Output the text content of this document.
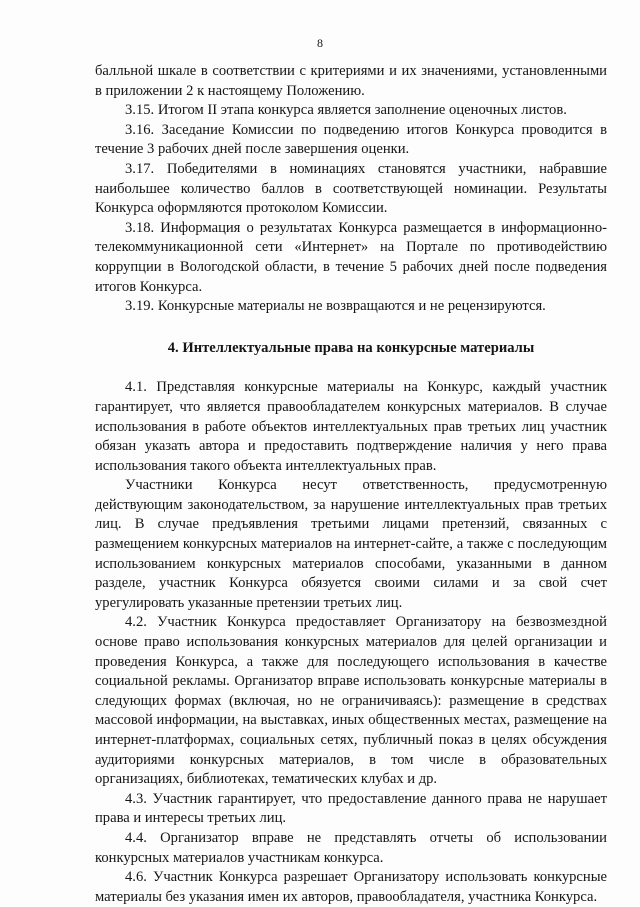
8

балльной шкале в соответствии с критериями и их значениями, установленными в приложении 2 к настоящему Положению.

3.15. Итогом II этапа конкурса является заполнение оценочных листов.

3.16. Заседание Комиссии по подведению итогов Конкурса проводится в течение 3 рабочих дней после завершения оценки.

3.17. Победителями в номинациях становятся участники, набравшие наибольшее количество баллов в соответствующей номинации. Результаты Конкурса оформляются протоколом Комиссии.

3.18. Информация о результатах Конкурса размещается в информационно-телекоммуникационной сети «Интернет» на Портале по противодействию коррупции в Вологодской области, в течение 5 рабочих дней после подведения итогов Конкурса.

3.19. Конкурсные материалы не возвращаются и не рецензируются.

4. Интеллектуальные права на конкурсные материалы

4.1. Представляя конкурсные материалы на Конкурс, каждый участник гарантирует, что является правообладателем конкурсных материалов. В случае использования в работе объектов интеллектуальных прав третьих лиц участник обязан указать автора и предоставить подтверждение наличия у него права использования такого объекта интеллектуальных прав.

Участники Конкурса несут ответственность, предусмотренную действующим законодательством, за нарушение интеллектуальных прав третьих лиц. В случае предъявления третьими лицами претензий, связанных с размещением конкурсных материалов на интернет-сайте, а также с последующим использованием конкурсных материалов способами, указанными в данном разделе, участник Конкурса обязуется своими силами и за свой счет урегулировать указанные претензии третьих лиц.

4.2. Участник Конкурса предоставляет Организатору на безвозмездной основе право использования конкурсных материалов для целей организации и проведения Конкурса, а также для последующего использования в качестве социальной рекламы. Организатор вправе использовать конкурсные материалы в следующих формах (включая, но не ограничиваясь): размещение в средствах массовой информации, на выставках, иных общественных местах, размещение на интернет-платформах, социальных сетях, публичный показ в целях обсуждения аудиториями конкурсных материалов, в том числе в образовательных организациях, библиотеках, тематических клубах и др.

4.3. Участник гарантирует, что предоставление данного права не нарушает права и интересы третьих лиц.

4.4. Организатор вправе не представлять отчеты об использовании конкурсных материалов участникам конкурса.

4.6. Участник Конкурса разрешает Организатору использовать конкурсные материалы без указания имен их авторов, правообладателя, участника Конкурса.
